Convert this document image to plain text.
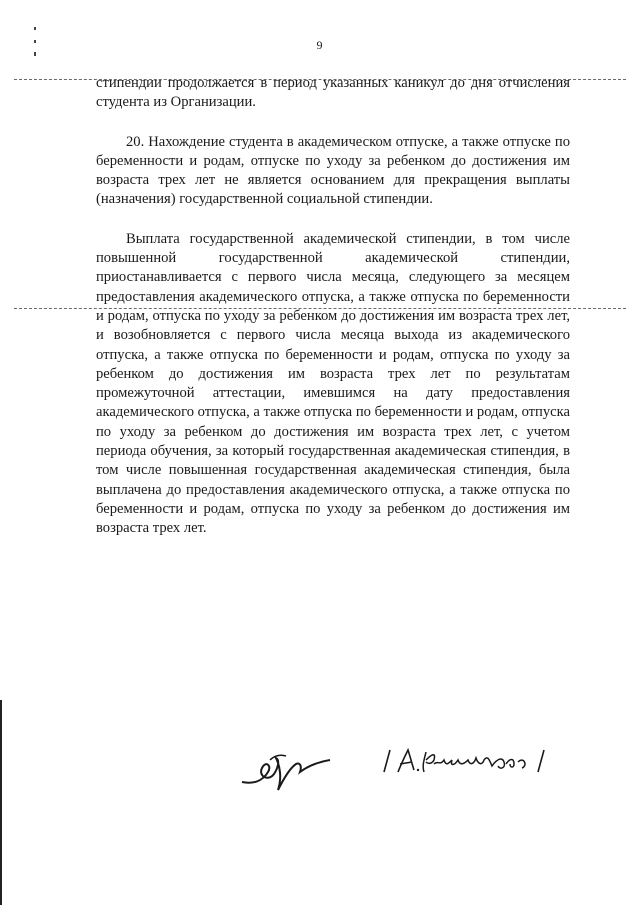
9

стипендии продолжается в период указанных каникул до дня отчисления студента из Организации.

20. Нахождение студента в академическом отпуске, а также отпуске по беременности и родам, отпуске по уходу за ребенком до достижения им возраста трех лет не является основанием для прекращения выплаты (назначения) государственной социальной стипендии.

Выплата государственной академической стипендии, в том числе повышенной государственной академической стипендии, приостанавливается с первого числа месяца, следующего за месяцем предоставления академического отпуска, а также отпуска по беременности и родам, отпуска по уходу за ребенком до достижения им возраста трех лет, и возобновляется с первого числа месяца выхода из академического отпуска, а также отпуска по беременности и родам, отпуска по уходу за ребенком до достижения им возраста трех лет по результатам промежуточной аттестации, имевшимся на дату предоставления академического отпуска, а также отпуска по беременности и родам, отпуска по уходу за ребенком до достижения им возраста трех лет, с учетом периода обучения, за который государственная академическая стипендия, в том числе повышенная государственная академическая стипендия, была выплачена до предоставления академического отпуска, а также отпуска по беременности и родам, отпуска по уходу за ребенком до достижения им возраста трех лет.
